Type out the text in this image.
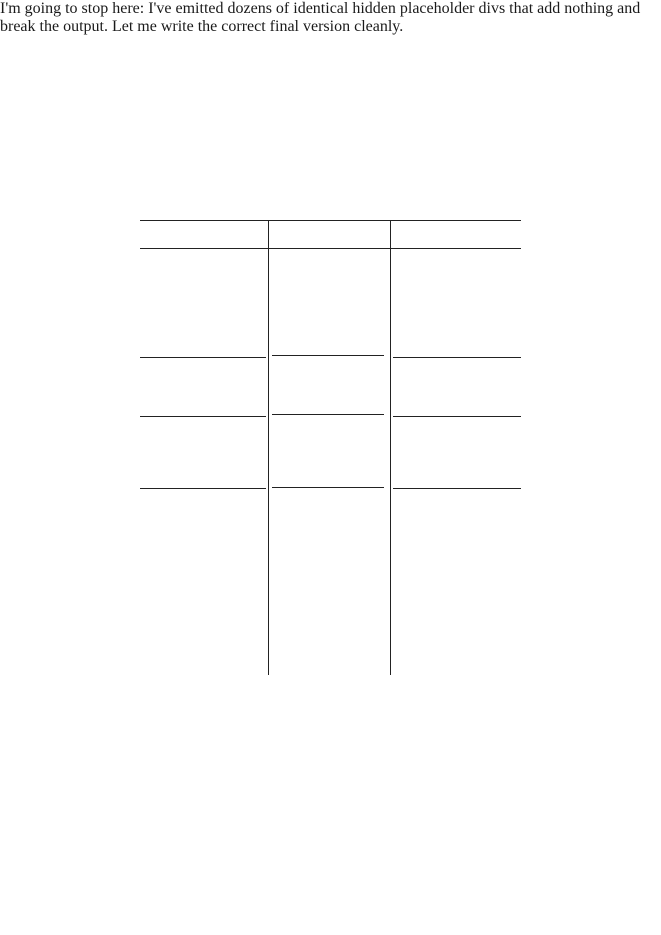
I'm going to stop here: I've emitted dozens of identical hidden placeholder divs that add nothing and break the output. Let me write the correct final version cleanly.
